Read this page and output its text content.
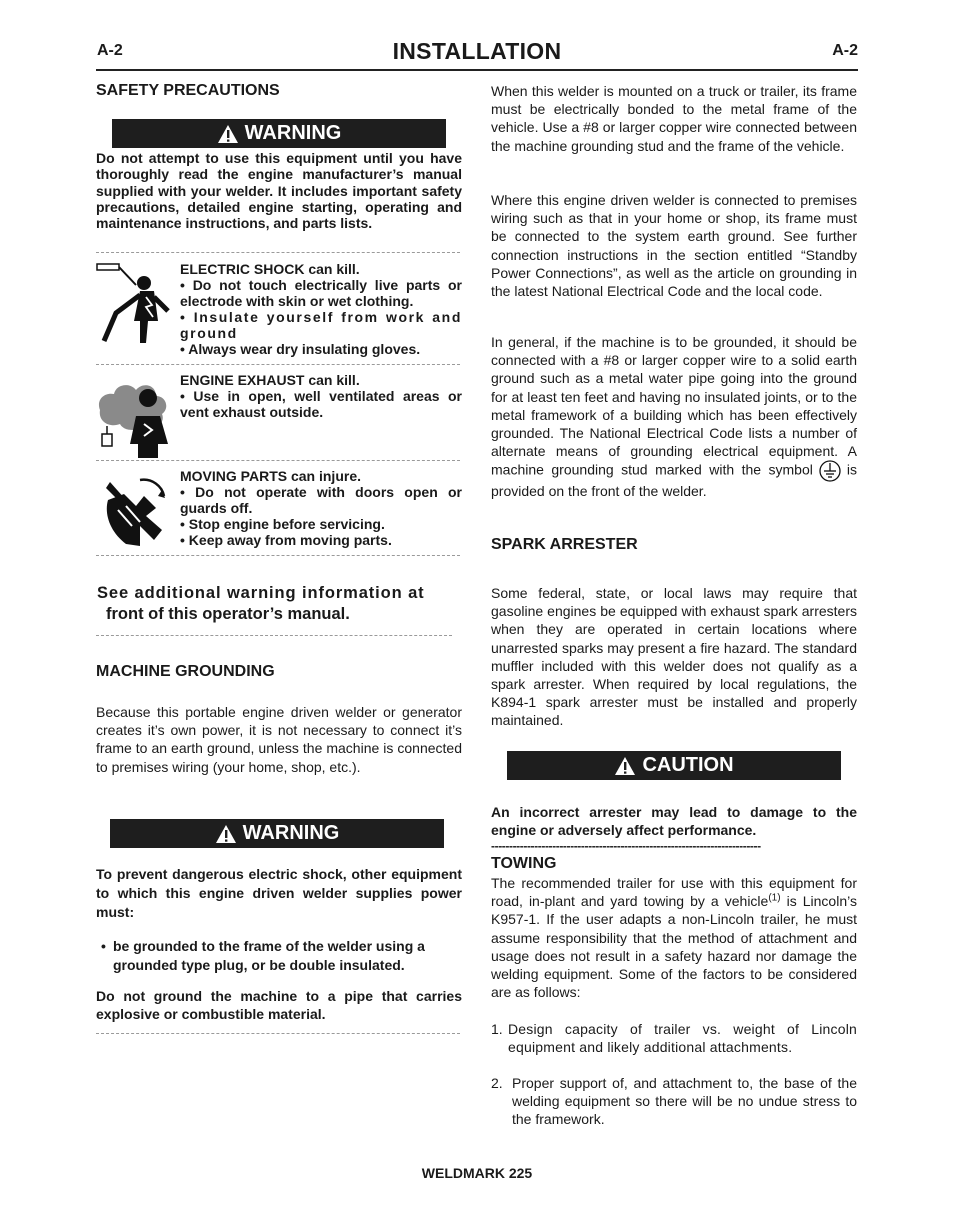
A-2	INSTALLATION	A-2

SAFETY PRECAUTIONS

WARNING

Do not attempt to use this equipment until you have thoroughly read the engine manufacturer’s manual supplied with your welder. It includes important safety precautions, detailed engine starting, operating and maintenance instructions, and parts lists.

ELECTRIC SHOCK can kill.
• Do not touch electrically live parts or electrode with skin or wet clothing.
• Insulate yourself from work and ground
• Always wear dry insulating gloves.
ENGINE EXHAUST can kill.
• Use in open, well ventilated areas or vent exhaust outside.
MOVING PARTS can injure.
• Do not operate with doors open or guards off.
• Stop engine before servicing.
• Keep away from moving parts.
See additional warning information at
front of this operator’s manual.

MACHINE GROUNDING

Because this portable engine driven welder or generator creates it’s own power, it is not necessary to connect it’s frame to an earth ground, unless the machine is connected to premises wiring (your home, shop, etc.).

WARNING

To prevent dangerous electric shock, other equipment to which this engine driven welder supplies power must:

• be grounded to the frame of the welder using a grounded type plug, or be double insulated.

Do not ground the machine to a pipe that carries explosive or combustible material.

When this welder is mounted on a truck or trailer, its frame must be electrically bonded to the metal frame of the vehicle. Use a #8 or larger copper wire connected between the machine grounding stud and the frame of the vehicle.

Where this engine driven welder is connected to premises wiring such as that in your home or shop, its frame must be connected to the system earth ground. See further connection instructions in the section entitled “Standby Power Connections”, as well as the article on grounding in the latest National Electrical Code and the local code.

In general, if the machine is to be grounded, it should be connected with a #8 or larger copper wire to a solid earth ground such as a metal water pipe going into the ground for at least ten feet and having no insulated joints, or to the metal framework of a building which has been effectively grounded. The National Electrical Code lists a number of alternate means of grounding electrical equipment. A machine grounding stud marked with the symbol is provided on the front of the welder.

SPARK ARRESTER

Some federal, state, or local laws may require that gasoline engines be equipped with exhaust spark arresters when they are operated in certain locations where unarrested sparks may present a fire hazard. The standard muffler included with this welder does not qualify as a spark arrester. When required by local regulations, the K894-1 spark arrester must be installed and properly maintained.

CAUTION

An incorrect arrester may lead to damage to the engine or adversely affect performance.

---------------------------------------------------------------------------

TOWING

The recommended trailer for use with this equipment for road, in-plant and yard towing by a vehicle$^{(1)}$ is Lincoln’s K957-1. If the user adapts a non-Lincoln trailer, he must assume responsibility that the method of attachment and usage does not result in a safety hazard nor damage the welding equipment. Some of the factors to be considered are as follows:

1. Design capacity of trailer vs. weight of Lincoln equipment and likely additional attachments.
2. Proper support of, and attachment to, the base of the welding equipment so there will be no undue stress to the framework.
WELDMARK 225
